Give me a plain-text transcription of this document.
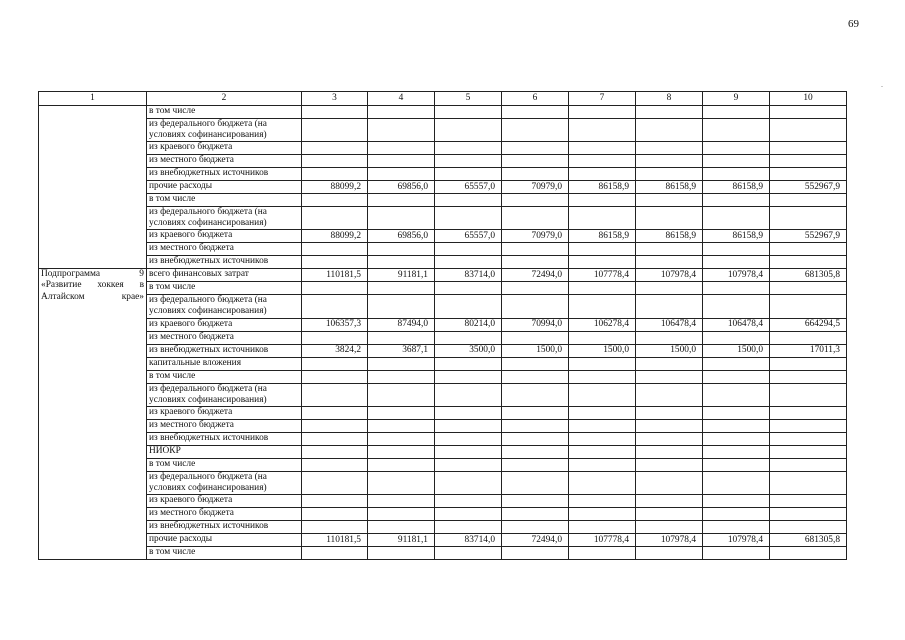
69
.
1	2	3	4	5	6	7	8	9	10
	в том числе								
	из федерального бюджета (на условиях софинансирования)								
	из краевого бюджета								
	из местного бюджета								
	из внебюджетных источников								
	прочие расходы	88099,2	69856,0	65557,0	70979,0	86158,9	86158,9	86158,9	552967,9
	в том числе								
	из федерального бюджета (на условиях софинансирования)								
	из краевого бюджета	88099,2	69856,0	65557,0	70979,0	86158,9	86158,9	86158,9	552967,9
	из местного бюджета								
	из внебюджетных источников								

Подпрограмма 9
«Развитие хоккея в
Алтайском крае»	всего финансовых затрат	110181,5	91181,1	83714,0	72494,0	107778,4	107978,4	107978,4	681305,8
	в том числе								
	из федерального бюджета (на условиях софинансирования)								
	из краевого бюджета	106357,3	87494,0	80214,0	70994,0	106278,4	106478,4	106478,4	664294,5
	из местного бюджета								
	из внебюджетных источников	3824,2	3687,1	3500,0	1500,0	1500,0	1500,0	1500,0	17011,3
	капитальные вложения								
	в том числе								
	из федерального бюджета (на условиях софинансирования)								
	из краевого бюджета								
	из местного бюджета								
	из внебюджетных источников								
	НИОКР								
	в том числе								
	из федерального бюджета (на условиях софинансирования)								
	из краевого бюджета								
	из местного бюджета								
	из внебюджетных источников								
	прочие расходы	110181,5	91181,1	83714,0	72494,0	107778,4	107978,4	107978,4	681305,8
	в том числе								
